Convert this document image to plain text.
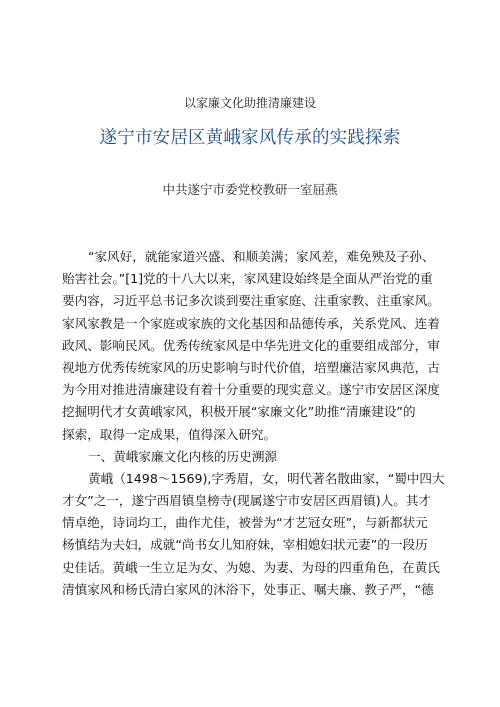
以家廉文化助推清廉建设
遂宁市安居区黄峨家风传承的实践探索
中共遂宁市委党校教研一室屈燕
“家风好，就能家道兴盛、和顺美满；家风差，难免殃及子孙、
贻害社会。”[1]党的十八大以来，家风建设始终是全面从严治党的重
要内容，习近平总书记多次谈到要注重家庭、注重家教、注重家风。
家风家教是一个家庭或家族的文化基因和品德传承，关系党风、连着
政风、影响民风。优秀传统家风是中华先进文化的重要组成部分，审
视地方优秀传统家风的历史影响与时代价值，培塑廉洁家风典范，古
为今用对推进清廉建设有着十分重要的现实意义。遂宁市安居区深度
挖掘明代才女黄峨家风，积极开展“家廉文化”助推“清廉建设”的
探索，取得一定成果，值得深入研究。
一、黄峨家廉文化内核的历史溯源
黄峨（1498～1569),字秀眉，女，明代著名散曲家，“蜀中四大
才女”之一，遂宁西眉镇皇榜寺(现属遂宁市安居区西眉镇)人。其才
情卓绝，诗词均工，曲作尤佳，被誉为“才艺冠女班”，与新都状元
杨慎结为夫妇，成就“尚书女儿知府妹，宰相媳妇状元妻”的一段历
史佳话。黄峨一生立足为女、为媳、为妻、为母的四重角色，在黄氏
清慎家风和杨氏清白家风的沐浴下，处事正、嘱夫廉、教子严，“德
